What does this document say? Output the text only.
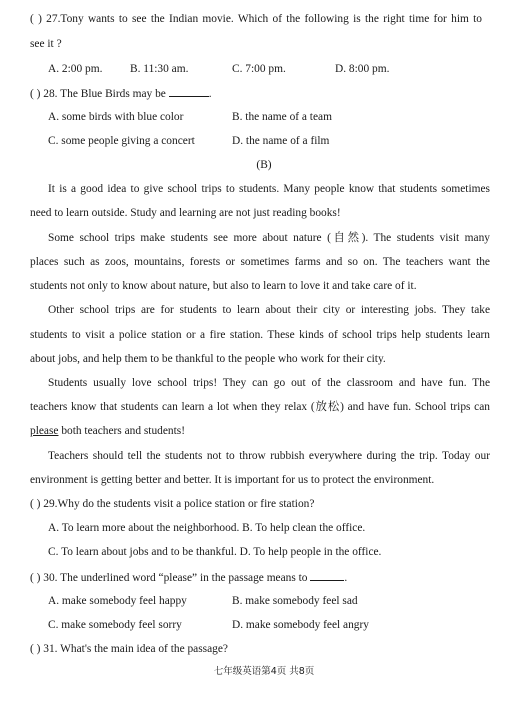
( ) 27.Tony wants to see the Indian movie. Which of the following is the right time for him to
see it ?
A. 2:00 pm. B. 11:30 am.	C. 7:00 pm.	D. 8:00 pm.
( ) 28. The Blue Birds may be	.
A. some birds with blue color	B. the name of a team
C. some people giving a concert	D. the name of a film
(B)
It is a good idea to give school trips to students. Many people know that students sometimes
need to learn outside. Study and learning are not just reading books!
Some school trips make students see more about nature (自然). The students visit many
places such as zoos, mountains, forests or sometimes farms and so on. The teachers want the
students not only to know about nature, but also to learn to love it and take care of it.
Other school trips are for students to learn about their city or interesting jobs. They take
students to visit a police station or a fire station. These kinds of school trips help students learn
about jobs, and help them to be thankful to the people who work for their city.
Students usually love school trips! They can go out of the classroom and have fun. The
teachers know that students can learn a lot when they relax (放松) and have fun. School trips can
please both teachers and students!
Teachers should tell the students not to throw rubbish everywhere during the trip. Today our
environment is getting better and better. It is important for us to protect the environment.
( ) 29.Why do the students visit a police station or fire station?
A. To learn more about the neighborhood. B. To help clean the office.
C. To learn about jobs and to be thankful. D. To help people in the office.
( ) 30. The underlined word “please” in the passage means to	.
A. make somebody feel happy	B. make somebody feel sad
C. make somebody feel sorry	D. make somebody feel angry
( ) 31. What's the main idea of the passage?
七年级英语第4页 共8页
